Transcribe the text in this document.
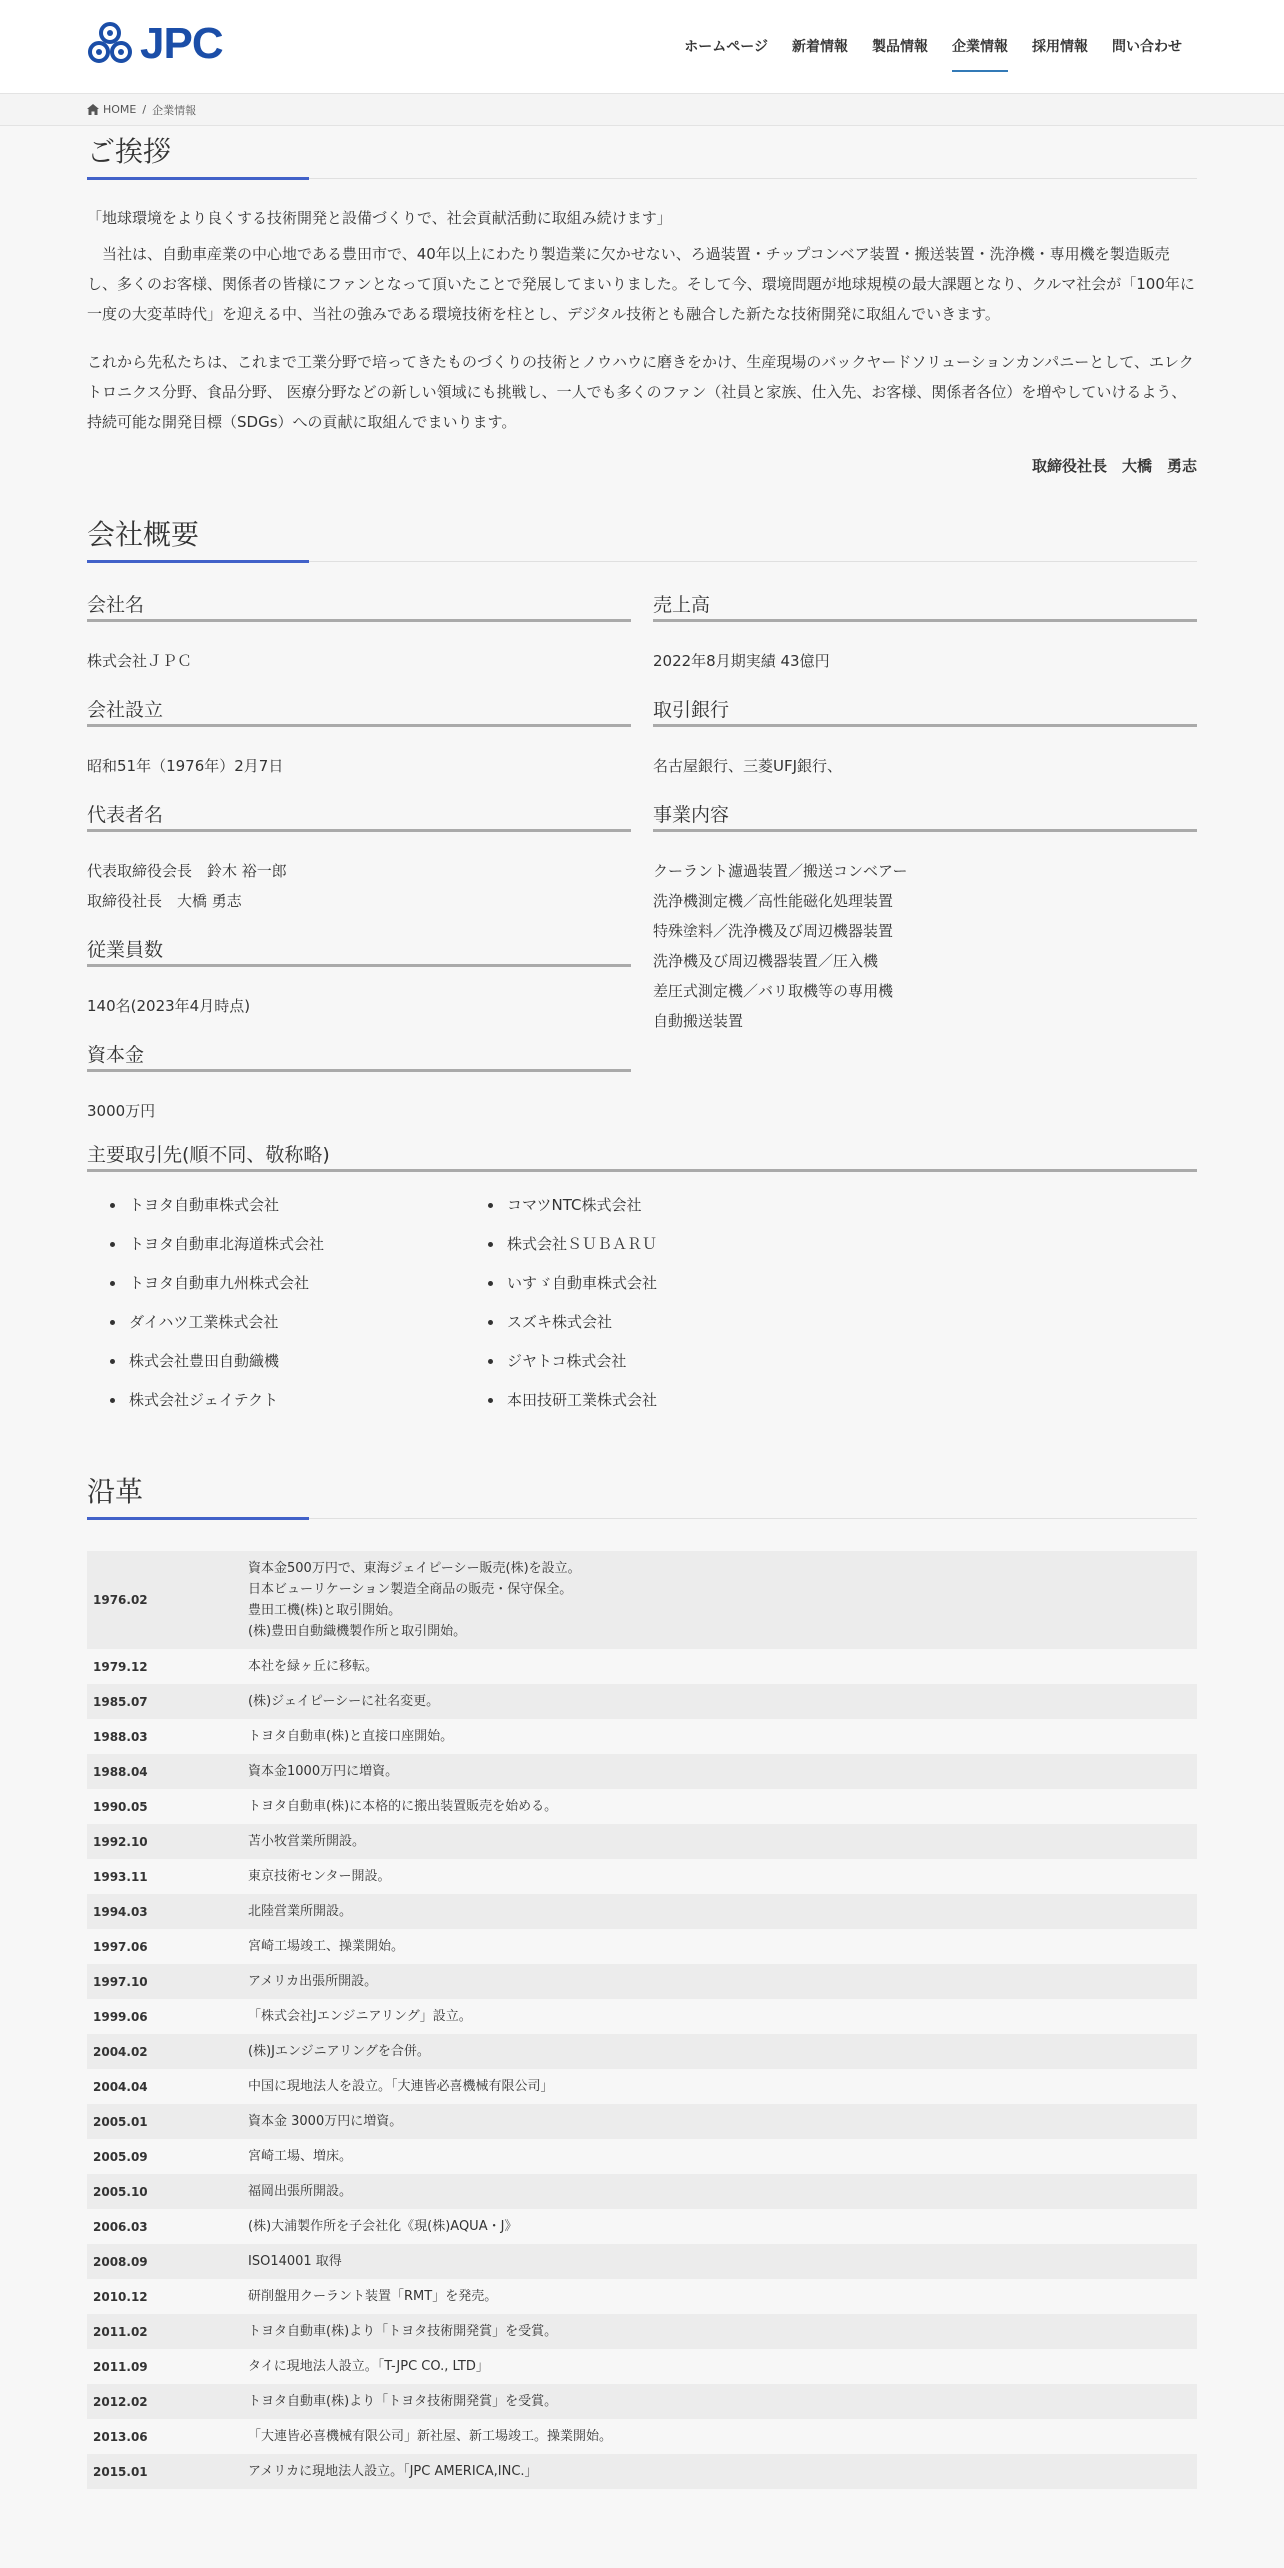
JPC	ホームページ	新着情報	製品情報	企業情報	採用情報	問い合わせ
HOME / 企業情報
ご挨拶

「地球環境をより良くする技術開発と設備づくりで、社会貢献活動に取組み続けます」

　当社は、自動車産業の中心地である豊田市で、40年以上にわたり製造業に欠かせない、ろ過装置・チップコンベア装置・搬送装置・洗浄機・専用機を製造販売し、多くのお客様、関係者の皆様にファンとなって頂いたことで発展してまいりました。そして今、環境問題が地球規模の最大課題となり、クルマ社会が「100年に一度の大変革時代」を迎える中、当社の強みである環境技術を柱とし、デジタル技術とも融合した新たな技術開発に取組んでいきます。

これから先私たちは、これまで工業分野で培ってきたものづくりの技術とノウハウに磨きをかけ、生産現場のバックヤードソリューションカンパニーとして、エレクトロニクス分野、食品分野、 医療分野などの新しい領域にも挑戦し、一人でも多くのファン（社員と家族、仕入先、お客様、関係者各位）を増やしていけるよう、持続可能な開発目標（SDGs）への貢献に取組んでまいります。

取締役社長　大橋　勇志

会社概要
会社名
株式会社ＪＰＣ
会社設立
昭和51年（1976年）2月7日
代表者名
代表取締役会長　鈴木 裕一郎
取締役社長　大橋 勇志
従業員数
140名(2023年4月時点)
資本金
3000万円
売上高
2022年8月期実績 43億円
取引銀行
名古屋銀行、三菱UFJ銀行、
事業内容
クーラント濾過装置／搬送コンベアー
洗浄機測定機／高性能磁化処理装置
特殊塗料／洗浄機及び周辺機器装置
洗浄機及び周辺機器装置／圧入機
差圧式測定機／バリ取機等の専用機
自動搬送装置
主要取引先(順不同、敬称略)
トヨタ自動車株式会社
トヨタ自動車北海道株式会社
トヨタ自動車九州株式会社
ダイハツ工業株式会社
株式会社豊田自動織機
株式会社ジェイテクト
コマツNTC株式会社
株式会社ＳＵＢＡＲＵ
いすゞ自動車株式会社
スズキ株式会社
ジヤトコ株式会社
本田技研工業株式会社
沿革
1976.02	資本金500万円で、東海ジェイピーシー販売(株)を設立。
日本ビューリケーション製造全商品の販売・保守保全。
豊田工機(株)と取引開始。
(株)豊田自動織機製作所と取引開始。

1979.12	本社を緑ヶ丘に移転。

1985.07	(株)ジェイピーシーに社名変更。

1988.03	トヨタ自動車(株)と直接口座開始。

1988.04	資本金1000万円に増資。

1990.05	トヨタ自動車(株)に本格的に搬出装置販売を始める。

1992.10	苫小牧営業所開設。

1993.11	東京技術センター開設。

1994.03	北陸営業所開設。

1997.06	宮崎工場竣工、操業開始。

1997.10	アメリカ出張所開設。

1999.06	「株式会社Jエンジニアリング」設立。

2004.02	(株)Jエンジニアリングを合併。

2004.04	中国に現地法人を設立。「大連皆必喜機械有限公司」

2005.01	資本金 3000万円に増資。

2005.09	宮崎工場、増床。

2005.10	福岡出張所開設。

2006.03	(株)大浦製作所を子会社化《現(株)AQUA・J》

2008.09	ISO14001 取得

2010.12	研削盤用クーラント装置「RMT」を発売。

2011.02	トヨタ自動車(株)より「トヨタ技術開発賞」を受賞。

2011.09	タイに現地法人設立。「T-JPC CO., LTD」

2012.02	トヨタ自動車(株)より「トヨタ技術開発賞」を受賞。

2013.06	「大連皆必喜機械有限公司」新社屋、新工場竣工。操業開始。

2015.01	アメリカに現地法人設立。「JPC AMERICA,INC.」
